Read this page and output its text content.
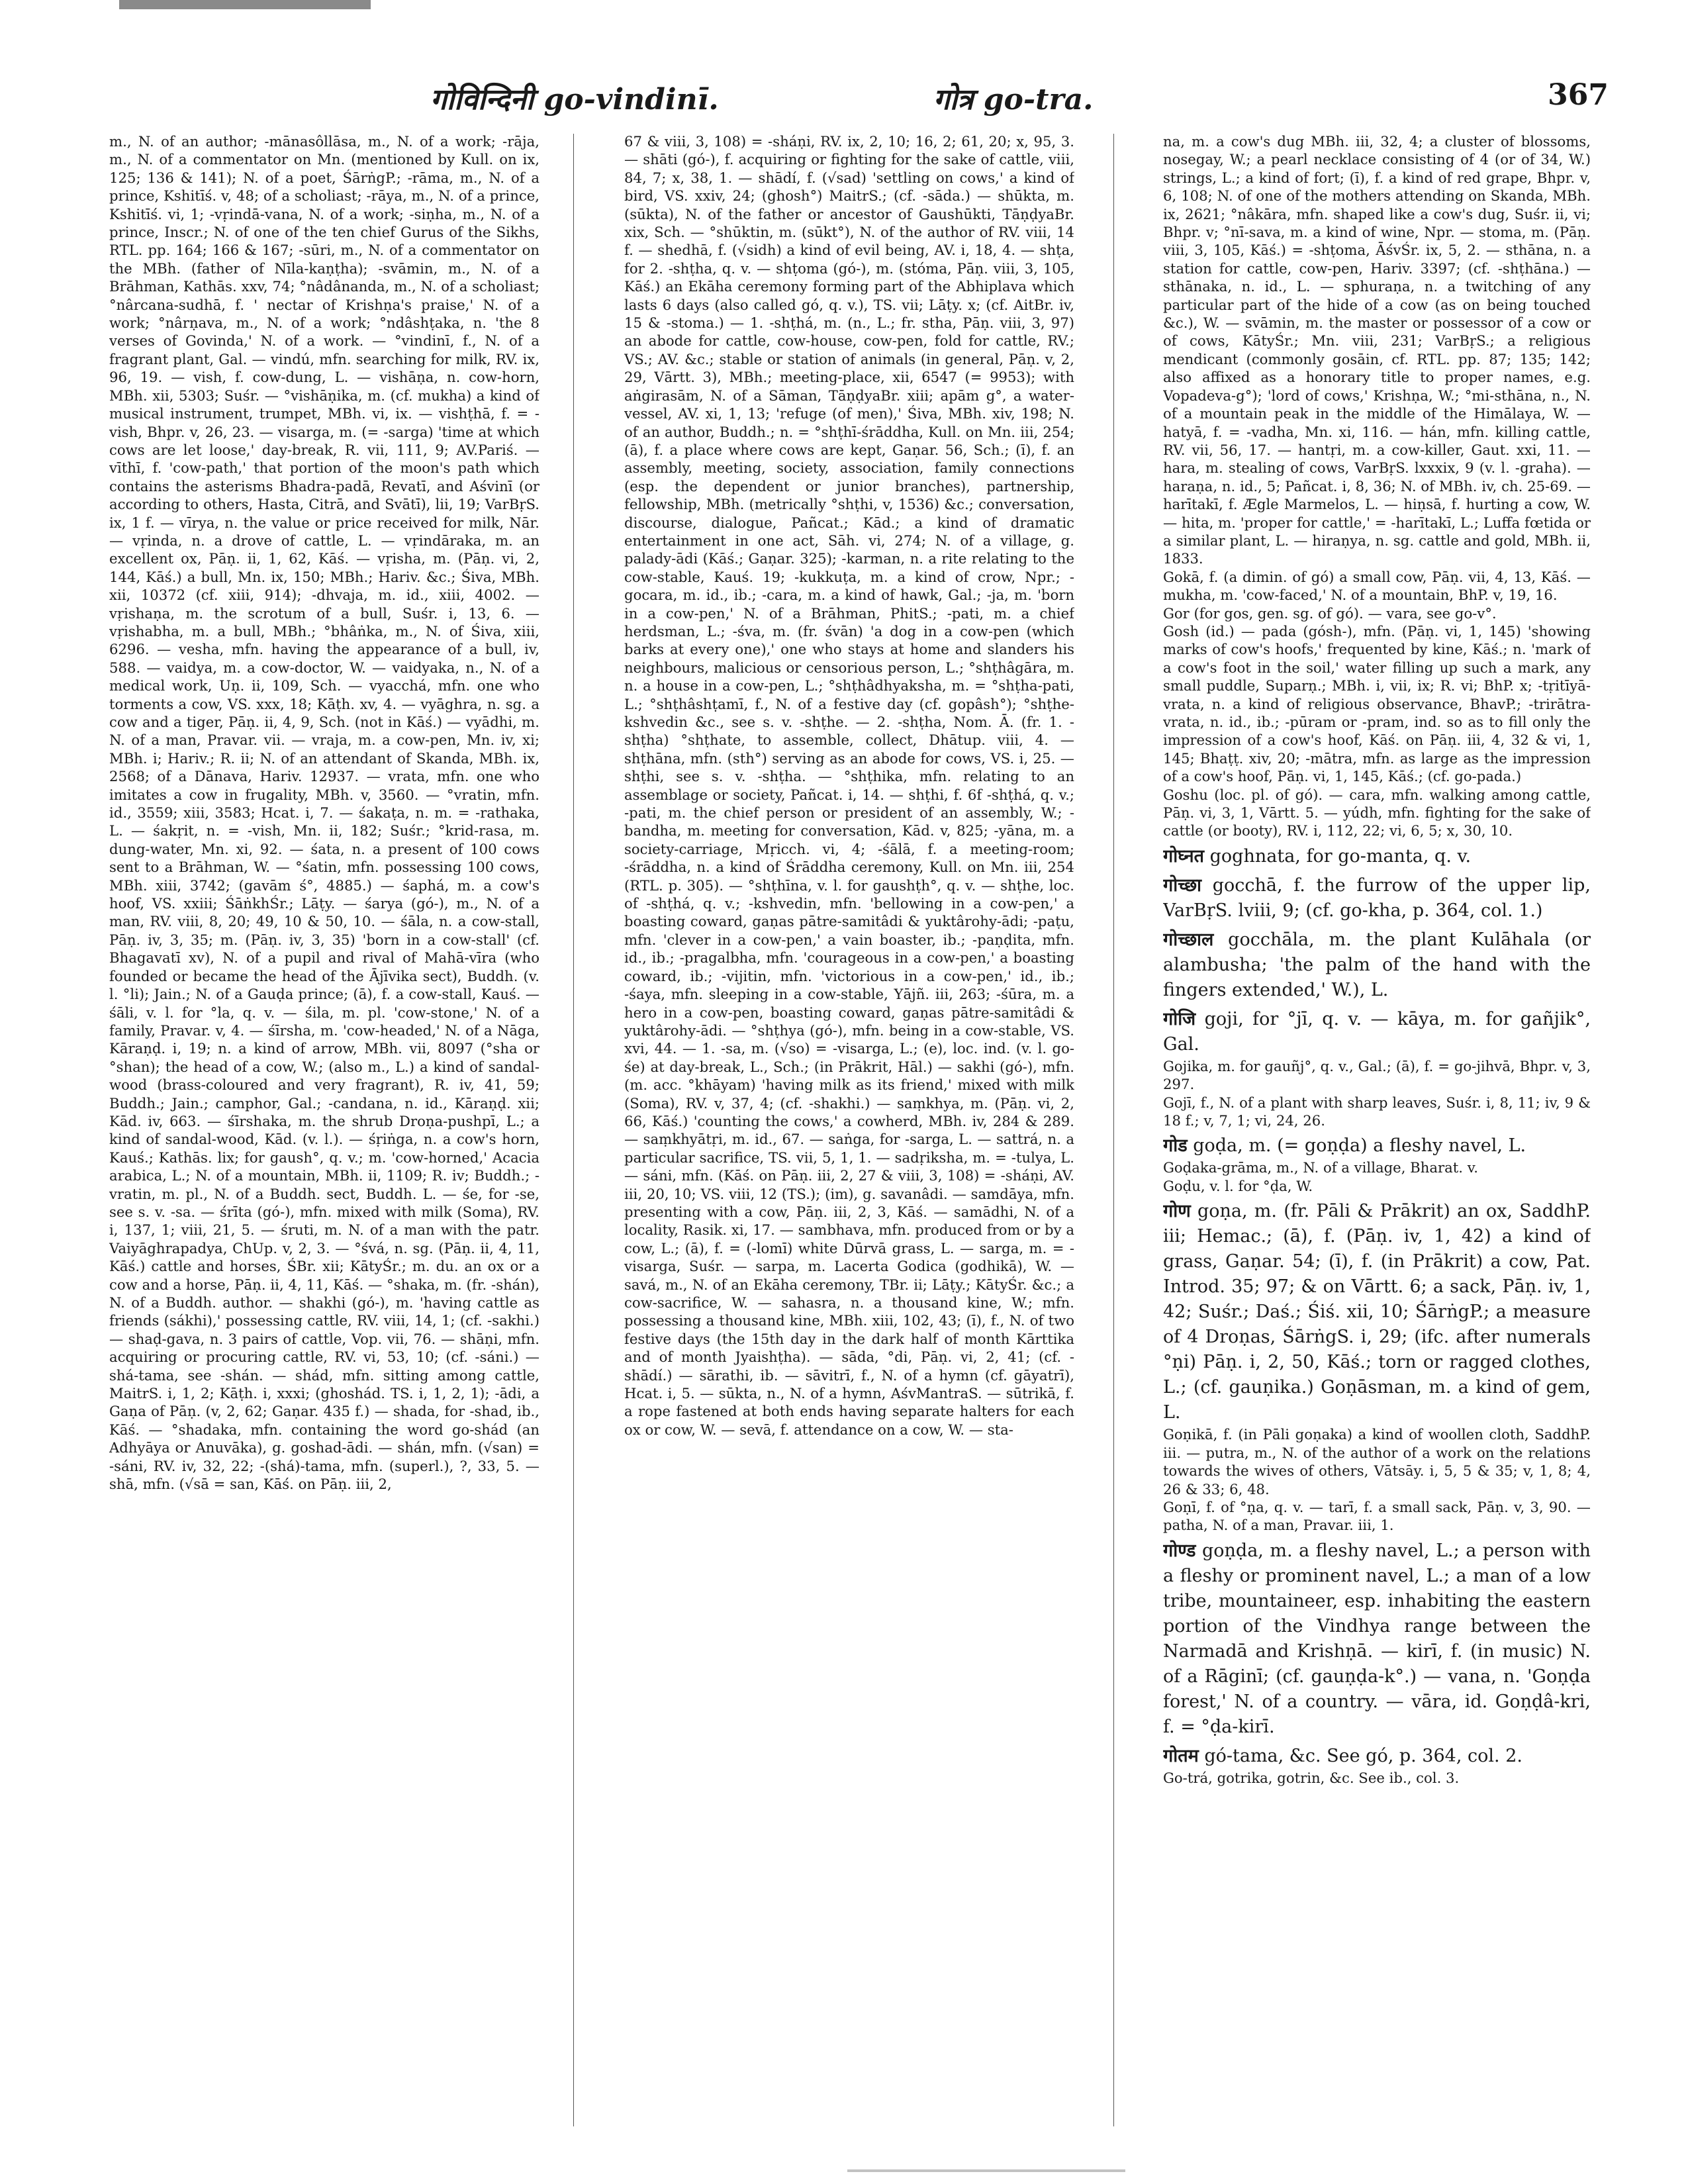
गोविन्दिनी go-vindinī.	गोत्र go-tra.	367

m., N. of an author; -mānasôllāsa, m., N. of a work; -rāja, m., N. of a commentator on Mn. (mentioned by Kull. on ix, 125; 136 & 141); N. of a poet, ŚārṅgP.; -rāma, m., N. of a prince, Kshitīś. v, 48; of a scholiast; -rāya, m., N. of a prince, Kshitīś. vi, 1; -vṛindā-vana, N. of a work; -siṇha, m., N. of a prince, Inscr.; N. of one of the ten chief Gurus of the Sikhs, RTL. pp. 164; 166 & 167; -sūri, m., N. of a commentator on the MBh. (father of Nīla-kaṇṭha); -svāmin, m., N. of a Brāhman, Kathās. xxv, 74; °nâdânanda, m., N. of a scholiast; °nârcana-sudhā, f. ' nectar of Krishṇa's praise,' N. of a work; °nârṇava, m., N. of a work; °ndâshṭaka, n. 'the 8 verses of Govinda,' N. of a work. — °vindinī, f., N. of a fragrant plant, Gal. — vindú, mfn. searching for milk, RV. ix, 96, 19. — vish, f. cow-dung, L. — vishāṇa, n. cow-horn, MBh. xii, 5303; Suśr. — °vishāṇika, m. (cf. mukha) a kind of musical instrument, trumpet, MBh. vi, ix. — vishṭhā, f. = -vish, Bhpr. v, 26, 23. — visarga, m. (= -sarga) 'time at which cows are let loose,' day-break, R. vii, 111, 9; AV.Pariś. — vīthī, f. 'cow-path,' that portion of the moon's path which contains the asterisms Bhadra-padā, Revatī, and Aśvinī (or according to others, Hasta, Citrā, and Svātī), lii, 19; VarBṛS. ix, 1 f. — vīrya, n. the value or price received for milk, Nār. — vṛinda, n. a drove of cattle, L. — vṛindāraka, m. an excellent ox, Pāṇ. ii, 1, 62, Kāś. — vṛisha, m. (Pāṇ. vi, 2, 144, Kāś.) a bull, Mn. ix, 150; MBh.; Hariv. &c.; Śiva, MBh. xii, 10372 (cf. xiii, 914); -dhvaja, m. id., xiii, 4002. — vṛishaṇa, m. the scrotum of a bull, Suśr. i, 13, 6. — vṛishabha, m. a bull, MBh.; °bhâṅka, m., N. of Śiva, xiii, 6296. — vesha, mfn. having the appearance of a bull, iv, 588. — vaidya, m. a cow-doctor, W. — vaidyaka, n., N. of a medical work, Uṇ. ii, 109, Sch. — vyacchá, mfn. one who torments a cow, VS. xxx, 18; Kāṭh. xv, 4. — vyāghra, n. sg. a cow and a tiger, Pāṇ. ii, 4, 9, Sch. (not in Kāś.) — vyādhi, m. N. of a man, Pravar. vii. — vraja, m. a cow-pen, Mn. iv, xi; MBh. i; Hariv.; R. ii; N. of an attendant of Skanda, MBh. ix, 2568; of a Dānava, Hariv. 12937. — vrata, mfn. one who imitates a cow in frugality, MBh. v, 3560. — °vratin, mfn. id., 3559; xiii, 3583; Hcat. i, 7. — śakaṭa, n. m. = -rathaka, L. — śakṛit, n. = -vish, Mn. ii, 182; Suśr.; °krid-rasa, m. dung-water, Mn. xi, 92. — śata, n. a present of 100 cows sent to a Brāhman, W. — °śatin, mfn. possessing 100 cows, MBh. xiii, 3742; (gavām ś°, 4885.) — śaphá, m. a cow's hoof, VS. xxiii; ŚāṅkhŚr.; Lāṭy. — śarya (gó-), m., N. of a man, RV. viii, 8, 20; 49, 10 & 50, 10. — śāla, n. a cow-stall, Pāṇ. iv, 3, 35; m. (Pāṇ. iv, 3, 35) 'born in a cow-stall' (cf. Bhagavatī xv), N. of a pupil and rival of Mahā-vīra (who founded or became the head of the Ājīvika sect), Buddh. (v. l. °li); Jain.; N. of a Gauḍa prince; (ā), f. a cow-stall, Kauś. — śāli, v. l. for °la, q. v. — śila, m. pl. 'cow-stone,' N. of a family, Pravar. v, 4. — śīrsha, m. 'cow-headed,' N. of a Nāga, Kāraṇḍ. i, 19; n. a kind of arrow, MBh. vii, 8097 (°sha or °shan); the head of a cow, W.; (also m., L.) a kind of sandal-wood (brass-coloured and very fragrant), R. iv, 41, 59; Buddh.; Jain.; camphor, Gal.; -candana, n. id., Kāraṇḍ. xii; Kād. iv, 663. — śīrshaka, m. the shrub Droṇa-pushpī, L.; a kind of sandal-wood, Kād. (v. l.). — śṛiṅga, n. a cow's horn, Kauś.; Kathās. lix; for gaush°, q. v.; m. 'cow-horned,' Acacia arabica, L.; N. of a mountain, MBh. ii, 1109; R. iv; Buddh.; -vratin, m. pl., N. of a Buddh. sect, Buddh. L. — śe, for -se, see s. v. -sa. — śrīta (gó-), mfn. mixed with milk (Soma), RV. i, 137, 1; viii, 21, 5. — śruti, m. N. of a man with the patr. Vaiyāghrapadya, ChUp. v, 2, 3. — °śvá, n. sg. (Pāṇ. ii, 4, 11, Kāś.) cattle and horses, ŚBr. xii; KātyŚr.; m. du. an ox or a cow and a horse, Pāṇ. ii, 4, 11, Kāś. — °shaka, m. (fr. -shán), N. of a Buddh. author. — shakhi (gó-), m. 'having cattle as friends (sákhi),' possessing cattle, RV. viii, 14, 1; (cf. -sakhi.) — shaḍ-gava, n. 3 pairs of cattle, Vop. vii, 76. — shāṇi, mfn. acquiring or procuring cattle, RV. vi, 53, 10; (cf. -sáni.) — shá-tama, see -shán. — shád, mfn. sitting among cattle, MaitrS. i, 1, 2; Kāṭh. i, xxxi; (ghoshád. TS. i, 1, 2, 1); -ādi, a Gaṇa of Pāṇ. (v, 2, 62; Gaṇar. 435 f.) — shada, for -shad, ib., Kāś. — °shadaka, mfn. containing the word go-shád (an Adhyāya or Anuvāka), g. goshad-ādi. — shán, mfn. (√san) = -sáni, RV. iv, 32, 22; -(shá)-tama, mfn. (superl.), ?, 33, 5. — shā, mfn. (√sā = san, Kāś. on Pāṇ. iii, 2,

67 & viii, 3, 108) = -sháṇi, RV. ix, 2, 10; 16, 2; 61, 20; x, 95, 3. — shāti (gó-), f. acquiring or fighting for the sake of cattle, viii, 84, 7; x, 38, 1. — shādí, f. (√sad) 'settling on cows,' a kind of bird, VS. xxiv, 24; (ghosh°) MaitrS.; (cf. -sāda.) — shūkta, m. (sūkta), N. of the father or ancestor of Gaushūkti, TāṇḍyaBr. xix, Sch. — °shūktin, m. (sūkt°), N. of the author of RV. viii, 14 f. — shedhā, f. (√sidh) a kind of evil being, AV. i, 18, 4. — shṭa, for 2. -shṭha, q. v. — shṭoma (gó-), m. (stóma, Pāṇ. viii, 3, 105, Kāś.) an Ekāha ceremony forming part of the Abhiplava which lasts 6 days (also called gó, q. v.), TS. vii; Lāṭy. x; (cf. AitBr. iv, 15 & -stoma.) — 1. -shṭhá, m. (n., L.; fr. stha, Pāṇ. viii, 3, 97) an abode for cattle, cow-house, cow-pen, fold for cattle, RV.; VS.; AV. &c.; stable or station of animals (in general, Pāṇ. v, 2, 29, Vārtt. 3), MBh.; meeting-place, xii, 6547 (= 9953); with aṅgirasām, N. of a Sāman, TāṇḍyaBr. xiii; apām g°, a water-vessel, AV. xi, 1, 13; 'refuge (of men),' Śiva, MBh. xiv, 198; N. of an author, Buddh.; n. = °shṭhī-śrāddha, Kull. on Mn. iii, 254; (ā), f. a place where cows are kept, Gaṇar. 56, Sch.; (ī), f. an assembly, meeting, society, association, family connections (esp. the dependent or junior branches), partnership, fellowship, MBh. (metrically °shṭhi, v, 1536) &c.; conversation, discourse, dialogue, Pañcat.; Kād.; a kind of dramatic entertainment in one act, Sāh. vi, 274; N. of a village, g. palady-ādi (Kāś.; Gaṇar. 325); -karman, n. a rite relating to the cow-stable, Kauś. 19; -kukkuṭa, m. a kind of crow, Npr.; -gocara, m. id., ib.; -cara, m. a kind of hawk, Gal.; -ja, m. 'born in a cow-pen,' N. of a Brāhman, PhitS.; -pati, m. a chief herdsman, L.; -śva, m. (fr. śvān) 'a dog in a cow-pen (which barks at every one),' one who stays at home and slanders his neighbours, malicious or censorious person, L.; °shṭhâgāra, m. n. a house in a cow-pen, L.; °shṭhâdhyaksha, m. = °shṭha-pati, L.; °shṭhâshṭamī, f., N. of a festive day (cf. gopâsh°); °shṭhe-kshvedin &c., see s. v. -shṭhe. — 2. -shṭha, Nom. Ā. (fr. 1. -shṭha) °shṭhate, to assemble, collect, Dhātup. viii, 4. — shṭhāna, mfn. (sth°) serving as an abode for cows, VS. i, 25. — shṭhi, see s. v. -shṭha. — °shṭhika, mfn. relating to an assemblage or society, Pañcat. i, 14. — shṭhi, f. 6f -shṭhá, q. v.; -pati, m. the chief person or president of an assembly, W.; -bandha, m. meeting for conversation, Kād. v, 825; -yāna, m. a society-carriage, Mṛicch. vi, 4; -śālā, f. a meeting-room; -śrāddha, n. a kind of Śrāddha ceremony, Kull. on Mn. iii, 254 (RTL. p. 305). — °shṭhīna, v. l. for gaushṭh°, q. v. — shṭhe, loc. of -shṭhá, q. v.; -kshvedin, mfn. 'bellowing in a cow-pen,' a boasting coward, gaṇas pātre-samitâdi & yuktârohy-ādi; -paṭu, mfn. 'clever in a cow-pen,' a vain boaster, ib.; -paṇḍita, mfn. id., ib.; -pragalbha, mfn. 'courageous in a cow-pen,' a boasting coward, ib.; -vijitin, mfn. 'victorious in a cow-pen,' id., ib.; -śaya, mfn. sleeping in a cow-stable, Yājñ. iii, 263; -śūra, m. a hero in a cow-pen, boasting coward, gaṇas pātre-samitâdi & yuktârohy-ādi. — °shṭhya (gó-), mfn. being in a cow-stable, VS. xvi, 44. — 1. -sa, m. (√so) = -visarga, L.; (e), loc. ind. (v. l. go-śe) at day-break, L., Sch.; (in Prākrit, Hāl.) — sakhi (gó-), mfn. (m. acc. °khāyam) 'having milk as its friend,' mixed with milk (Soma), RV. v, 37, 4; (cf. -shakhi.) — saṃkhya, m. (Pāṇ. vi, 2, 66, Kāś.) 'counting the cows,' a cowherd, MBh. iv, 284 & 289. — saṃkhyātṛi, m. id., 67. — saṅga, for -sarga, L. — sattrá, n. a particular sacrifice, TS. vii, 5, 1, 1. — sadṛiksha, m. = -tulya, L. — sáni, mfn. (Kāś. on Pāṇ. iii, 2, 27 & viii, 3, 108) = -sháṇi, AV. iii, 20, 10; VS. viii, 12 (TS.); (im), g. savanâdi. — samdāya, mfn. presenting with a cow, Pāṇ. iii, 2, 3, Kāś. — samādhi, N. of a locality, Rasik. xi, 17. — sambhava, mfn. produced from or by a cow, L.; (ā), f. = (-lomī) white Dūrvā grass, L. — sarga, m. = -visarga, Suśr. — sarpa, m. Lacerta Godica (godhikā), W. — savá, m., N. of an Ekāha ceremony, TBr. ii; Lāṭy.; KātyŚr. &c.; a cow-sacrifice, W. — sahasra, n. a thousand kine, W.; mfn. possessing a thousand kine, MBh. xiii, 102, 43; (ī), f., N. of two festive days (the 15th day in the dark half of month Kārttika and of month Jyaishṭha). — sāda, °di, Pāṇ. vi, 2, 41; (cf. -shādí.) — sārathi, ib. — sāvitrī, f., N. of a hymn (cf. gāyatrī), Hcat. i, 5. — sūkta, n., N. of a hymn, AśvMantraS. — sūtrikā, f. a rope fastened at both ends having separate halters for each ox or cow, W. — sevā, f. attendance on a cow, W. — sta-

na, m. a cow's dug MBh. iii, 32, 4; a cluster of blossoms, nosegay, W.; a pearl necklace consisting of 4 (or of 34, W.) strings, L.; a kind of fort; (ī), f. a kind of red grape, Bhpr. v, 6, 108; N. of one of the mothers attending on Skanda, MBh. ix, 2621; °nâkāra, mfn. shaped like a cow's dug, Suśr. ii, vi; Bhpr. v; °nī-sava, m. a kind of wine, Npr. — stoma, m. (Pāṇ. viii, 3, 105, Kāś.) = -shṭoma, ĀśvŚr. ix, 5, 2. — sthāna, n. a station for cattle, cow-pen, Hariv. 3397; (cf. -shṭhāna.) — sthānaka, n. id., L. — sphuraṇa, n. a twitching of any particular part of the hide of a cow (as on being touched &c.), W. — svāmin, m. the master or possessor of a cow or of cows, KātyŚr.; Mn. viii, 231; VarBṛS.; a religious mendicant (commonly gosāin, cf. RTL. pp. 87; 135; 142; also affixed as a honorary title to proper names, e.g. Vopadeva-g°); 'lord of cows,' Krishṇa, W.; °mi-sthāna, n., N. of a mountain peak in the middle of the Himālaya, W. — hatyā, f. = -vadha, Mn. xi, 116. — hán, mfn. killing cattle, RV. vii, 56, 17. — hantṛi, m. a cow-killer, Gaut. xxi, 11. — hara, m. stealing of cows, VarBṛS. lxxxix, 9 (v. l. -graha). — haraṇa, n. id., 5; Pañcat. i, 8, 36; N. of MBh. iv, ch. 25-69. — harītakī, f. Ægle Marmelos, L. — hiṇsā, f. hurting a cow, W. — hita, m. 'proper for cattle,' = -harītakī, L.; Luffa fœtida or a similar plant, L. — hiraṇya, n. sg. cattle and gold, MBh. ii, 1833.

Gokā, f. (a dimin. of gó) a small cow, Pāṇ. vii, 4, 13, Kāś. — mukha, m. 'cow-faced,' N. of a mountain, BhP. v, 19, 16.

Gor (for gos, gen. sg. of gó). — vara, see go-v°.

Gosh (id.) — pada (gósh-), mfn. (Pāṇ. vi, 1, 145) 'showing marks of cow's hoofs,' frequented by kine, Kāś.; n. 'mark of a cow's foot in the soil,' water filling up such a mark, any small puddle, Suparṇ.; MBh. i, vii, ix; R. vi; BhP. x; -tṛitīyā-vrata, n. a kind of religious observance, BhavP.; -trirātra-vrata, n. id., ib.; -pūram or -pram, ind. so as to fill only the impression of a cow's hoof, Kāś. on Pāṇ. iii, 4, 32 & vi, 1, 145; Bhaṭṭ. xiv, 20; -mātra, mfn. as large as the impression of a cow's hoof, Pāṇ. vi, 1, 145, Kāś.; (cf. go-pada.)

Goshu (loc. pl. of gó). — cara, mfn. walking among cattle, Pāṇ. vi, 3, 1, Vārtt. 5. — yúdh, mfn. fighting for the sake of cattle (or booty), RV. i, 112, 22; vi, 6, 5; x, 30, 10.

गोघ्नत goghnata, for go-manta, q. v.

गोच्छा gocchā, f. the furrow of the upper lip, VarBṛS. lviii, 9; (cf. go-kha, p. 364, col. 1.)

गोच्छाल gocchāla, m. the plant Kulāhala (or alambusha; 'the palm of the hand with the fingers extended,' W.), L.

गोजि goji, for °jī, q. v. — kāya, m. for gañjik°, Gal.

Gojika, m. for gauñj°, q. v., Gal.; (ā), f. = go-jihvā, Bhpr. v, 3, 297.

Gojī, f., N. of a plant with sharp leaves, Suśr. i, 8, 11; iv, 9 & 18 f.; v, 7, 1; vi, 24, 26.

गोड goḍa, m. (= goṇḍa) a fleshy navel, L.

Goḍaka-grāma, m., N. of a village, Bharat. v.

Goḍu, v. l. for °ḍa, W.

गोण goṇa, m. (fr. Pāli & Prākrit) an ox, SaddhP. iii; Hemac.; (ā), f. (Pāṇ. iv, 1, 42) a kind of grass, Gaṇar. 54; (ī), f. (in Prākrit) a cow, Pat. Introd. 35; 97; & on Vārtt. 6; a sack, Pāṇ. iv, 1, 42; Suśr.; Daś.; Śiś. xii, 10; ŚārṅgP.; a measure of 4 Droṇas, ŚārṅgS. i, 29; (ifc. after numerals °ṇi) Pāṇ. i, 2, 50, Kāś.; torn or ragged clothes, L.; (cf. gauṇika.) Goṇāsman, m. a kind of gem, L.

Goṇikā, f. (in Pāli goṇaka) a kind of woollen cloth, SaddhP. iii. — putra, m., N. of the author of a work on the relations towards the wives of others, Vātsāy. i, 5, 5 & 35; v, 1, 8; 4, 26 & 33; 6, 48.

Goṇī, f. of °ṇa, q. v. — tarī, f. a small sack, Pāṇ. v, 3, 90. — patha, N. of a man, Pravar. iii, 1.

गोण्ड goṇḍa, m. a fleshy navel, L.; a person with a fleshy or prominent navel, L.; a man of a low tribe, mountaineer, esp. inhabiting the eastern portion of the Vindhya range between the Narmadā and Krishṇā. — kirī, f. (in music) N. of a Rāginī; (cf. gauṇḍa-k°.) — vana, n. 'Goṇḍa forest,' N. of a country. — vāra, id. Goṇḍâ-kri, f. = °ḍa-kirī.

गोतम gó-tama, &c. See gó, p. 364, col. 2.

Go-trá, gotrika, gotrin, &c. See ib., col. 3.
